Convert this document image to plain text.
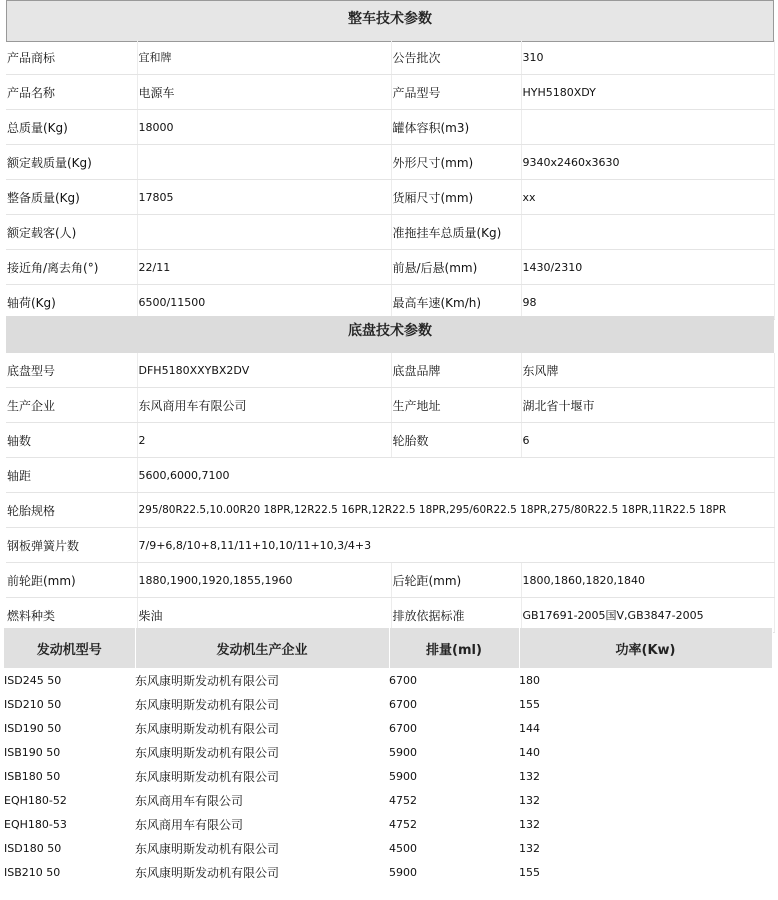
整车技术参数
产品商标	宜和牌	公告批次	310
产品名称	电源车	产品型号	HYH5180XDY
总质量(Kg)	18000	罐体容积(m3)	
额定载质量(Kg)		外形尺寸(mm)	9340x2460x3630
整备质量(Kg)	17805	货厢尺寸(mm)	xx
额定载客(人)		准拖挂车总质量(Kg)	
接近角/离去角(°)	22/11	前悬/后悬(mm)	1430/2310
轴荷(Kg)	6500/11500	最高车速(Km/h)	98
底盘技术参数
底盘型号	DFH5180XXYBX2DV	底盘品牌	东风牌
生产企业	东风商用车有限公司	生产地址	湖北省十堰市
轴数	2	轮胎数	6
轴距	5600,6000,7100		
轮胎规格	295/80R22.5,10.00R20 18PR,12R22.5 16PR,12R22.5 18PR,295/60R22.5 18PR,275/80R22.5 18PR,11R22.5 18PR		
钢板弹簧片数	7/9+6,8/10+8,11/11+10,10/11+10,3/4+3		
前轮距(mm)	1880,1900,1920,1855,1960	后轮距(mm)	1800,1860,1820,1840
燃料种类	柴油	排放依据标准	GB17691-2005国Ⅴ,GB3847-2005
发动机型号	发动机生产企业	排量(ml)	功率(Kw)
ISD245 50	东风康明斯发动机有限公司	6700	180
ISD210 50	东风康明斯发动机有限公司	6700	155
ISD190 50	东风康明斯发动机有限公司	6700	144
ISB190 50	东风康明斯发动机有限公司	5900	140
ISB180 50	东风康明斯发动机有限公司	5900	132
EQH180-52	东风商用车有限公司	4752	132
EQH180-53	东风商用车有限公司	4752	132
ISD180 50	东风康明斯发动机有限公司	4500	132
ISB210 50	东风康明斯发动机有限公司	5900	155
